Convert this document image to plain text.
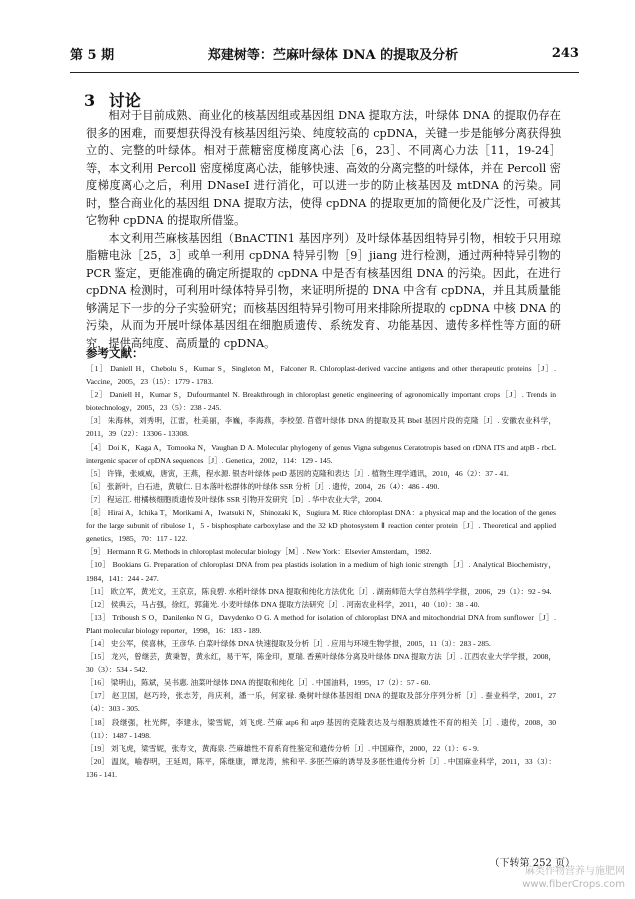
第 5 期	郑建树等：苎麻叶绿体 DNA 的提取及分析	243
3 讨论

相对于目前成熟、商业化的核基因组或基因组 DNA 提取方法，叶绿体 DNA 的提取仍存在很多的困难，而要想获得没有核基因组污染、纯度较高的 cpDNA，关键一步是能够分离获得独立的、完整的叶绿体。相对于蔗糖密度梯度离心法［6，23］、不同离心力法［11，19-24］等，本文利用 Percoll 密度梯度离心法，能够快速、高效的分离完整的叶绿体，并在 Percoll 密度梯度离心之后，利用 DNaseI 进行消化，可以进一步的防止核基因及 mtDNA 的污染。同时，整合商业化的基因组 DNA 提取方法，使得 cpDNA 的提取更加的简便化及广泛性，可被其它物种 cpDNA 的提取所借鉴。

本文利用苎麻核基因组（BnACTIN1 基因序列）及叶绿体基因组特异引物，相较于只用琼脂糖电泳［25，3］或单一利用 cpDNA 特异引物［9］jiang 进行检测，通过两种特异引物的 PCR 鉴定，更能准确的确定所提取的 cpDNA 中是否有核基因组 DNA 的污染。因此，在进行 cpDNA 检测时，可利用叶绿体特异引物，来证明所提的 DNA 中含有 cpDNA，并且其质量能够满足下一步的分子实验研究；而核基因组特异引物可用来排除所提取的 cpDNA 中核 DNA 的污染，从而为开展叶绿体基因组在细胞质遗传、系统发育、功能基因、遗传多样性等方面的研究，提供高纯度、高质量的 cpDNA。

参考文献：

［1］ Daniell H，Chebolu S，Kumar S，Singleton M，Falconer R. Chloroplast-derived vaccine antigens and other therapeutic proteins［J］. Vaccine，2005，23（15）：1779 - 1783.

［2］ Daniell H，Kumar S，Dufourmantel N. Breakthrough in chloroplast genetic engineering of agronomically important crops［J］. Trends in biotechnology，2005，23（5）：238 - 245.

［3］ 朱海林，刘秀明，江雷，杜美丽，李巍，李海燕，李校堃. 苜蓿叶绿体 DNA 的提取及其 BbeI 基因片段的克隆［J］. 安徽农业科学，2011，39（22）：13306 - 13308.

［4］ Doi K，Kaga A，Tomooka N，Vaughan D A. Molecular phylogeny of genus Vigna subgenus Ceratotropis based on rDNA ITS and atpB - rbcL intergenic spacer of cpDNA sequences［J］. Genetica，2002，114：129 - 145.

［5］ 许锋，张威威，唐寅，王燕，程水源. 银杏叶绿体 petD 基因的克隆和表达［J］. 植物生理学通讯，2010，46（2）：37 - 41.

［6］ 张新叶，白石进，黄敏仁. 日本落叶松群体的叶绿体 SSR 分析［J］. 遗传，2004，26（4）：486 - 490.

［7］ 程运江. 柑橘核细胞质遗传及叶绿体 SSR 引物开发研究［D］. 华中农业大学，2004.

［8］ Hirai A，Ichika T，Morikami A，Iwatsuki N，Shinozaki K，Sugiura M. Rice chloroplast DNA：a physical map and the location of the genes for the large subunit of ribulose 1，5 - bisphosphate carboxylase and the 32 kD photosystem Ⅱ reaction center protein［J］. Theoretical and applied genetics，1985，70：117 - 122.

［9］ Hermann R G. Methods in chloroplast molecular biology［M］. New York：Elsevier Amsterdam，1982.

［10］ Bookians G. Preparation of chloroplast DNA from pea plastids isolation in a medium of high ionic strength［J］. Analytical Biochemistry，1984，141：244 - 247.

［11］ 欧立军，黄光文，王京京，陈良碧. 水稻叶绿体 DNA 提取和纯化方法优化［J］. 湖南师范大学自然科学学报，2006，29（1）：92 - 94.

［12］ 侯典云，马占强，徐红，郭蒲光. 小麦叶绿体 DNA 提取方法研究［J］. 河南农业科学，2011，40（10）：38 - 40.

［13］ Triboush S O，Danilenko N G，Davydenko O G. A method for isolation of chloroplast DNA and mitochondrial DNA from sunflower［J］. Plant molecular biology reporter，1998，16：183 - 189.

［14］ 史公军，侯喜林，王彦华. 白菜叶绿体 DNA 快速提取及分析［J］. 应用与环境生物学报，2005，11（3）：283 - 285.

［15］ 龙兴，曾继芸，黄秉智，黄永红，易干军，陈金印，夏瑞. 香蕉叶绿体分离及叶绿体 DNA 提取方法［J］. 江西农业大学学报，2008，30（3）：534 - 542.

［16］ 梁明山，陈斌，吴书惠. 油菜叶绿体 DNA 的提取和纯化［J］. 中国油料，1995，17（2）：57 - 60.

［17］ 赵卫国，赵巧玲，张志芳，肖庆利，潘一乐，何家禄. 桑树叶绿体基因组 DNA 的提取及部分序列分析［J］. 蚕业科学，2001，27（4）：303 - 305.

［18］ 段继强，杜光辉，李建永，梁雪妮，刘飞虎. 苎麻 atp6 和 atp9 基因的克隆表达及与细胞质雄性不育的相关［J］. 遗传，2008，30（11）：1487 - 1498.

［19］ 刘飞虎，梁雪妮，张寿文，黄海泉. 苎麻雄性不育系育性鉴定和遗传分析［J］. 中国麻作，2000，22（1）：6 - 9.

［20］ 温岚，喻春明，王延周，陈平，陈继康，谭龙涛，熊和平. 多胚苎麻的诱导及多胚性遗传分析［J］. 中国麻业科学，2011，33（3）：136 - 141.

（下转第 252 页）
麻类作物营养与施肥网
www.fiberCrops.com
